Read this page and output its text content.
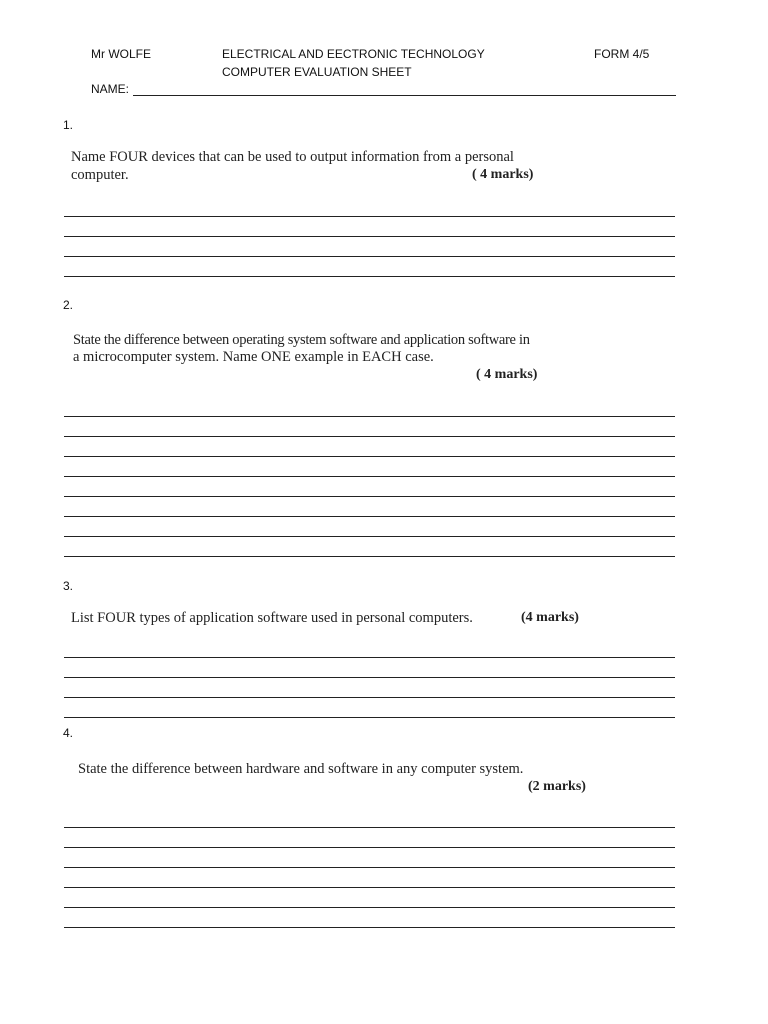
Mr WOLFE	ELECTRICAL AND EECTRONIC TECHNOLOGY
COMPUTER EVALUATION SHEET
FORM 4/5
NAME:
1.
Name FOUR devices that can be used to output information from a personal
computer.	( 4 marks)
2.
State the difference between operating system software and application software in
a microcomputer system. Name ONE example in EACH case.
( 4 marks)
3.
List FOUR types of application software used in personal computers.	(4 marks)
4.
State the difference between hardware and software in any computer system.
(2 marks)
